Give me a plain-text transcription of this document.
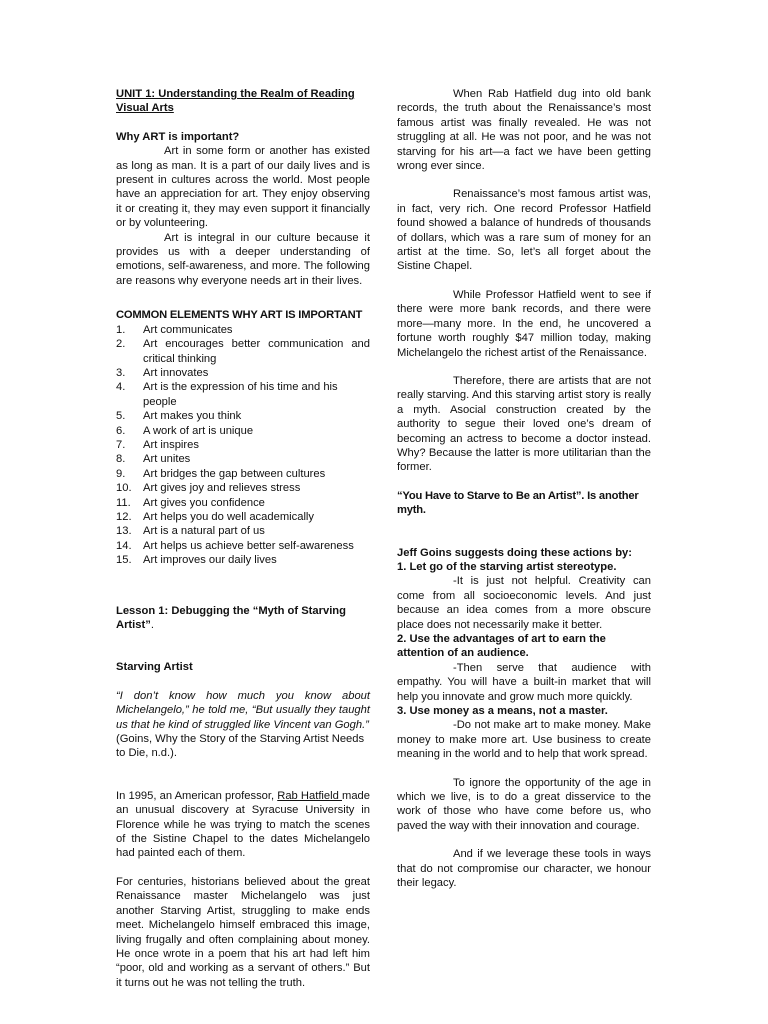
UNIT 1: Understanding the Realm of Reading Visual Arts

Why ART is important?

Art in some form or another has existed as long as man. It is a part of our daily lives and is present in cultures across the world. Most people have an appreciation for art. They enjoy observing it or creating it, they may even support it financially or by volunteering.

Art is integral in our culture because it provides us with a deeper understanding of emotions, self-awareness, and more. The following are reasons why everyone needs art in their lives.

COMMON ELEMENTS WHY ART IS IMPORTANT

1. Art communicates
2. Art encourages better communication and critical thinking
3. Art innovates
4. Art is the expression of his time and his people
5. Art makes you think
6. A work of art is unique
7. Art inspires
8. Art unites
9. Art bridges the gap between cultures
10. Art gives joy and relieves stress
11. Art gives you confidence
12. Art helps you do well academically
13. Art is a natural part of us
14. Art helps us achieve better self-awareness
15. Art improves our daily lives

Lesson 1: Debugging the “Myth of Starving Artist”.

Starving Artist

“I don’t know how much you know about Michelangelo,” he told me, “But usually they taught us that he kind of struggled like Vincent van Gogh.”

(Goins, Why the Story of the Starving Artist Needs to Die, n.d.).

In 1995, an American professor, Rab Hatfield made an unusual discovery at Syracuse University in Florence while he was trying to match the scenes of the Sistine Chapel to the dates Michelangelo had painted each of them.

For centuries, historians believed about the great Renaissance master Michelangelo was just another Starving Artist, struggling to make ends meet. Michelangelo himself embraced this image, living frugally and often complaining about money. He once wrote in a poem that his art had left him “poor, old and working as a servant of others.” But it turns out he was not telling the truth.

When Rab Hatfield dug into old bank records, the truth about the Renaissance’s most famous artist was finally revealed. He was not struggling at all. He was not poor, and he was not starving for his art—a fact we have been getting wrong ever since.

Renaissance’s most famous artist was, in fact, very rich. One record Professor Hatfield found showed a balance of hundreds of thousands of dollars, which was a rare sum of money for an artist at the time. So, let’s all forget about the Sistine Chapel.

While Professor Hatfield went to see if there were more bank records, and there were more—many more. In the end, he uncovered a fortune worth roughly $47 million today, making Michelangelo the richest artist of the Renaissance.

Therefore, there are artists that are not really starving. And this starving artist story is really a myth. Asocial construction created by the authority to segue their loved one’s dream of becoming an actress to become a doctor instead. Why? Because the latter is more utilitarian than the former.

“You Have to Starve to Be an Artist”. Is another myth.

Jeff Goins suggests doing these actions by:

1. Let go of the starving artist stereotype.

-It is just not helpful. Creativity can come from all socioeconomic levels. And just because an idea comes from a more obscure place does not necessarily make it better.

2. Use the advantages of art to earn the attention of an audience.

-Then serve that audience with empathy. You will have a built-in market that will help you innovate and grow much more quickly.

3. Use money as a means, not a master.

-Do not make art to make money. Make money to make more art. Use business to create meaning in the world and to help that work spread.

To ignore the opportunity of the age in which we live, is to do a great disservice to the work of those who have come before us, who paved the way with their innovation and courage.

And if we leverage these tools in ways that do not compromise our character, we honour their legacy.
